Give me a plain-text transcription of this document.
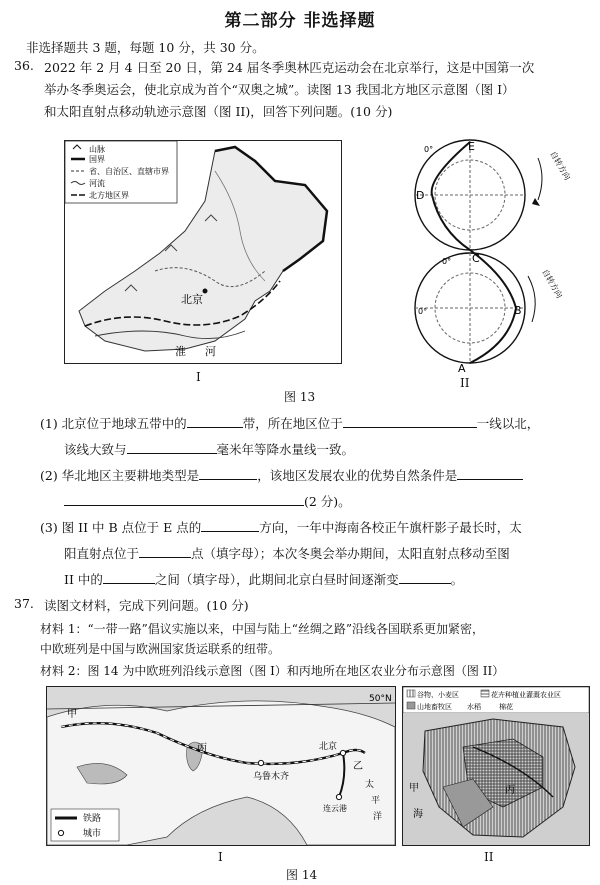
第二部分 非选择题
非选择题共 3 题，每题 10 分，共 30 分。
36. 2022 年 2 月 4 日至 20 日，第 24 届冬季奥林匹克运动会在北京举行，这是中国第一次
举办冬季奥运会，使北京成为首个“双奥之城”。读图 13 我国北方地区示意图（图 I）
和太阳直射点移动轨迹示意图（图 II)，回答下列问题。(10 分)
山脉
国界
省、自治区、直辖市界
河流
北方地区界
北京
淮 河
I
E
D
C
B
A
0°
0°
0°
自转方向
自转方向
II
图 13
(1) 北京位于地球五带中的	带，所在地区位于	一线以北，
该线大致与	毫米年等降水量线一致。
(2) 华北地区主要耕地类型是	，该地区发展农业的优势自然条件是
(2 分)。
(3) 图 II 中 B 点位于 E 点的	方向，一年中海南各校正午旗杆影子最长时，太
阳直射点位于	点（填字母）；本次冬奥会举办期间，太阳直射点移动至图
II 中的	之间（填字母），此期间北京白昼时间逐渐变	。
37. 读图文材料，完成下列问题。(10 分)
材料 1：“一带一路”倡议实施以来，中国与陆上“丝绸之路”沿线各国联系更加紧密，
中欧班列是中国与欧洲国家货运联系的纽带。
材料 2：图 14 为中欧班列沿线示意图（图 I）和丙地所在地区农业分布示意图（图 II）
50°N
乌鲁木齐
北京
连云港
乙
甲
丙
太
平
洋
铁路
城市
I
谷物、小麦区	花卉种植业灌溉农业区
山地畜牧区 水稻	棉花
甲	丙
海
II
图 14
